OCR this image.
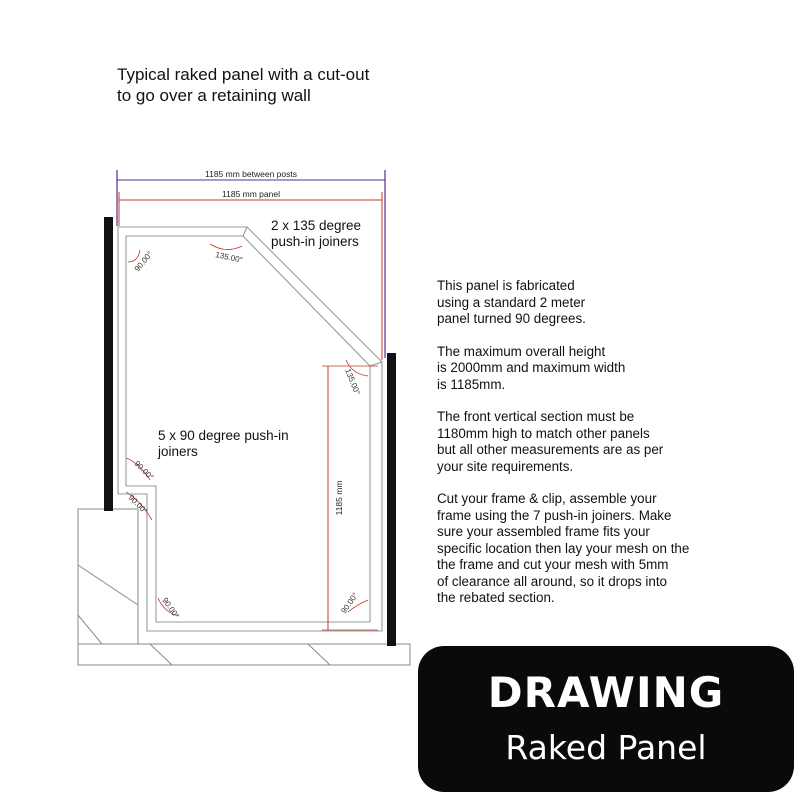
Typical raked panel with a cut-out
to go over a retaining wall
1185 mm between posts
1185 mm panel
1185 mm
90.00°	135.00°
135.00°
90.00°
90.00°
90.00°	90.00°
2 x 135 degree
push-in joiners
5 x 90 degree push-in
joiners

This panel is fabricated
using a standard 2 meter
panel turned 90 degrees.

The maximum overall height
is 2000mm and maximum width
is 1185mm.

The front vertical section must be
1180mm high to match other panels
but all other measurements are as per
your site requirements.

Cut your frame & clip, assemble your
frame using the 7 push-in joiners. Make
sure your assembled frame fits your
specific location then lay your mesh on the
the frame and cut your mesh with 5mm
of clearance all around, so it drops into
the rebated section.

DRAWING
Raked Panel
